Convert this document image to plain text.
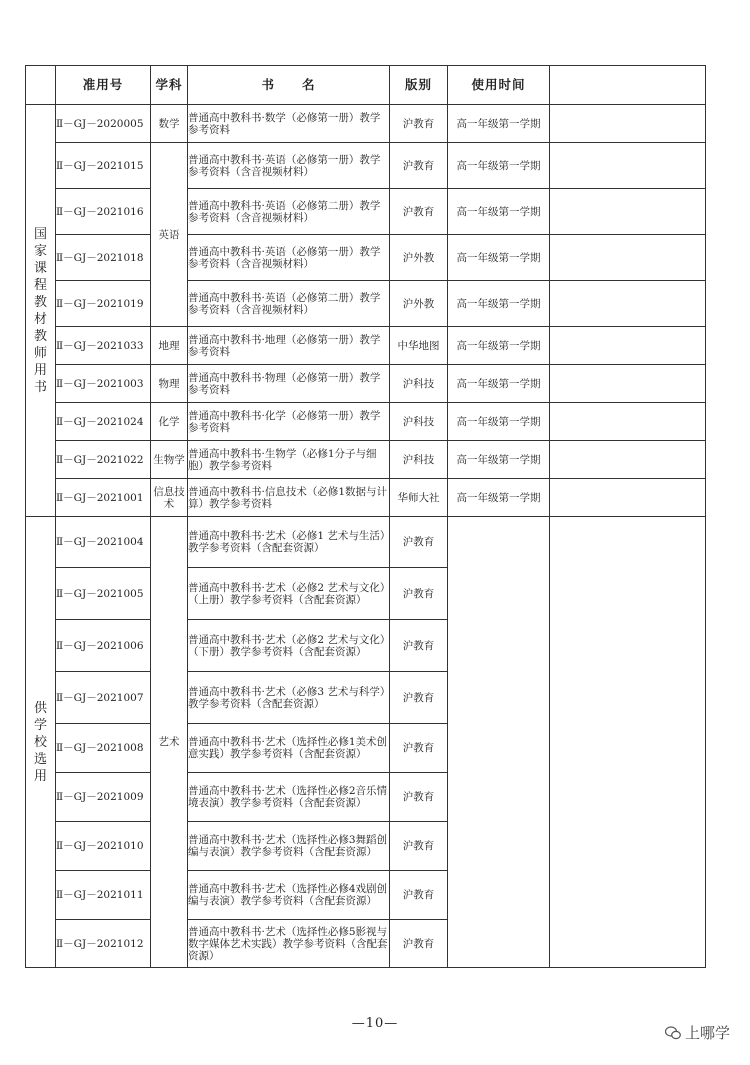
	准用号	学科	书　　名	版别	使用时间	
国家课程教材教师用书	Ⅱ－GJ－2020005	数学	普通高中教科书·数学（必修第一册）教学参考资料	沪教育	高一年级第一学期	
	Ⅱ－GJ－2021015	英语	普通高中教科书·英语（必修第一册）教学参考资料（含音视频材料）	沪教育	高一年级第一学期	
	Ⅱ－GJ－2021016		普通高中教科书·英语（必修第二册）教学参考资料（含音视频材料）	沪教育	高一年级第一学期	
	Ⅱ－GJ－2021018		普通高中教科书·英语（必修第一册）教学参考资料（含音视频材料）	沪外教	高一年级第一学期	
	Ⅱ－GJ－2021019		普通高中教科书·英语（必修第二册）教学参考资料（含音视频材料）	沪外教	高一年级第一学期	
	Ⅱ－GJ－2021033	地理	普通高中教科书·地理（必修第一册）教学参考资料	中华地图	高一年级第一学期	
	Ⅱ－GJ－2021003	物理	普通高中教科书·物理（必修第一册）教学参考资料	沪科技	高一年级第一学期	
	Ⅱ－GJ－2021024	化学	普通高中教科书·化学（必修第一册）教学参考资料	沪科技	高一年级第一学期	
	Ⅱ－GJ－2021022	生物学	普通高中教科书·生物学（必修1分子与细胞）教学参考资料	沪科技	高一年级第一学期	
	Ⅱ－GJ－2021001	信息技术	普通高中教科书·信息技术（必修1数据与计算）教学参考资料	华师大社	高一年级第一学期	
供学校选用	Ⅱ－GJ－2021004	艺术	普通高中教科书·艺术（必修1 艺术与生活）教学参考资料（含配套资源）	沪教育		
	Ⅱ－GJ－2021005		普通高中教科书·艺术（必修2 艺术与文化）（上册）教学参考资料（含配套资源）	沪教育		
	Ⅱ－GJ－2021006		普通高中教科书·艺术（必修2 艺术与文化）（下册）教学参考资料（含配套资源）	沪教育		
	Ⅱ－GJ－2021007		普通高中教科书·艺术（必修3 艺术与科学）教学参考资料（含配套资源）	沪教育		
	Ⅱ－GJ－2021008		普通高中教科书·艺术（选择性必修1美术创意实践）教学参考资料（含配套资源）	沪教育		
	Ⅱ－GJ－2021009		普通高中教科书·艺术（选择性必修2音乐情境表演）教学参考资料（含配套资源）	沪教育		
	Ⅱ－GJ－2021010		普通高中教科书·艺术（选择性必修3舞蹈创编与表演）教学参考资料（含配套资源）	沪教育		
	Ⅱ－GJ－2021011		普通高中教科书·艺术（选择性必修4戏剧创编与表演）教学参考资料（含配套资源）	沪教育		
	Ⅱ－GJ－2021012		普通高中教科书·艺术（选择性必修5影视与数字媒体艺术实践）教学参考资料（含配套资源）	沪教育		
—10—
上哪学
